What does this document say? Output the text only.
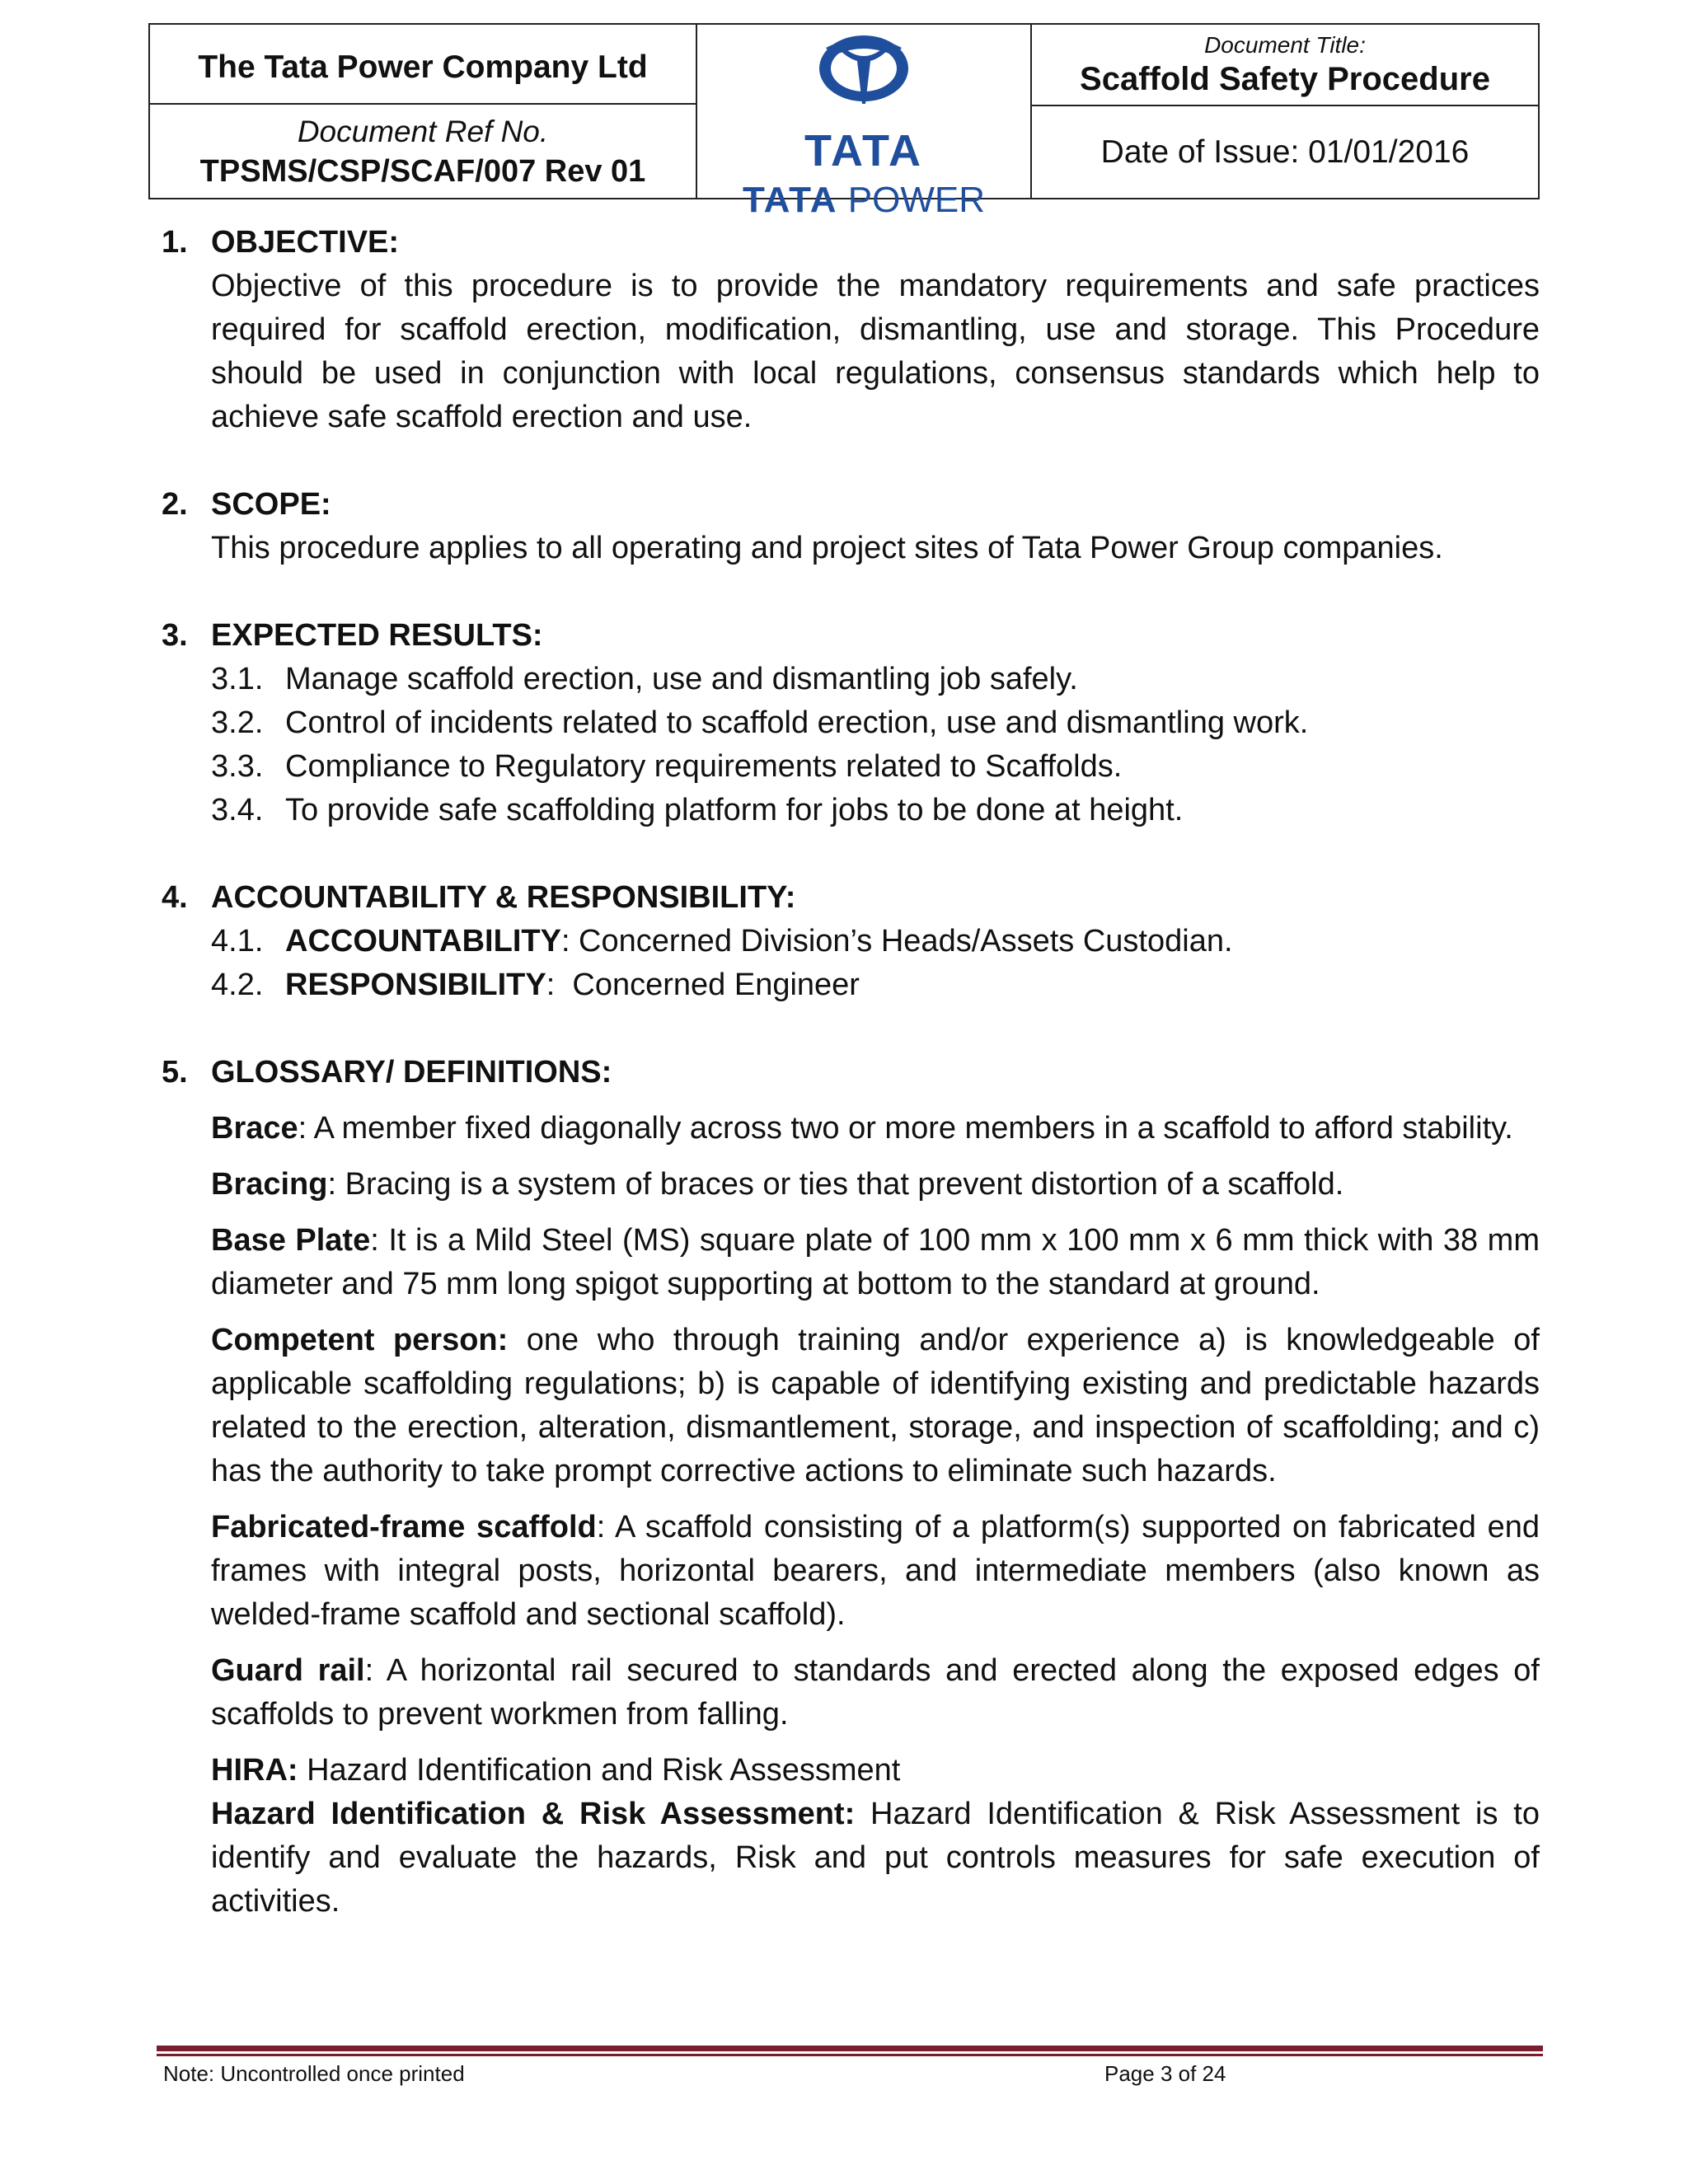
The Tata Power Company Ltd
Document Ref No.
TPSMS/CSP/SCAF/007 Rev 01	TATA
TATA POWER
Document Title:
Scaffold Safety Procedure
Date of Issue: 01/01/2016
1. OBJECTIVE:
Objective of this procedure is to provide the mandatory requirements and safe practices required for scaffold erection, modification, dismantling, use and storage. This Procedure should be used in conjunction with local regulations, consensus standards which help to achieve safe scaffold erection and use.
2. SCOPE:
This procedure applies to all operating and project sites of Tata Power Group companies.
3. EXPECTED RESULTS:
3.1. Manage scaffold erection, use and dismantling job safely.
3.2. Control of incidents related to scaffold erection, use and dismantling work.
3.3. Compliance to Regulatory requirements related to Scaffolds.
3.4. To provide safe scaffolding platform for jobs to be done at height.
4. ACCOUNTABILITY & RESPONSIBILITY:
4.1. ACCOUNTABILITY: Concerned Division’s Heads/Assets Custodian.
4.2. RESPONSIBILITY:  Concerned Engineer
5. GLOSSARY/ DEFINITIONS:
Brace: A member fixed diagonally across two or more members in a scaffold to afford stability.
Bracing: Bracing is a system of braces or ties that prevent distortion of a scaffold.
Base Plate: It is a Mild Steel (MS) square plate of 100 mm x 100 mm x 6 mm thick with 38 mm diameter and 75 mm long spigot supporting at bottom to the standard at ground.
Competent person: one who through training and/or experience a) is knowledgeable of applicable scaffolding regulations; b) is capable of identifying existing and predictable hazards related to the erection, alteration, dismantlement, storage, and inspection of scaffolding; and c) has the authority to take prompt corrective actions to eliminate such hazards.
Fabricated-frame scaffold: A scaffold consisting of a platform(s) supported on fabricated end frames with integral posts, horizontal bearers, and intermediate members (also known as welded-frame scaffold and sectional scaffold).
Guard rail: A horizontal rail secured to standards and erected along the exposed edges of scaffolds to prevent workmen from falling.
HIRA: Hazard Identification and Risk Assessment
Hazard Identification & Risk Assessment: Hazard Identification & Risk Assessment is to identify and evaluate the hazards, Risk and put controls measures for safe execution of activities.
Note: Uncontrolled once printed	Page 3 of 24
